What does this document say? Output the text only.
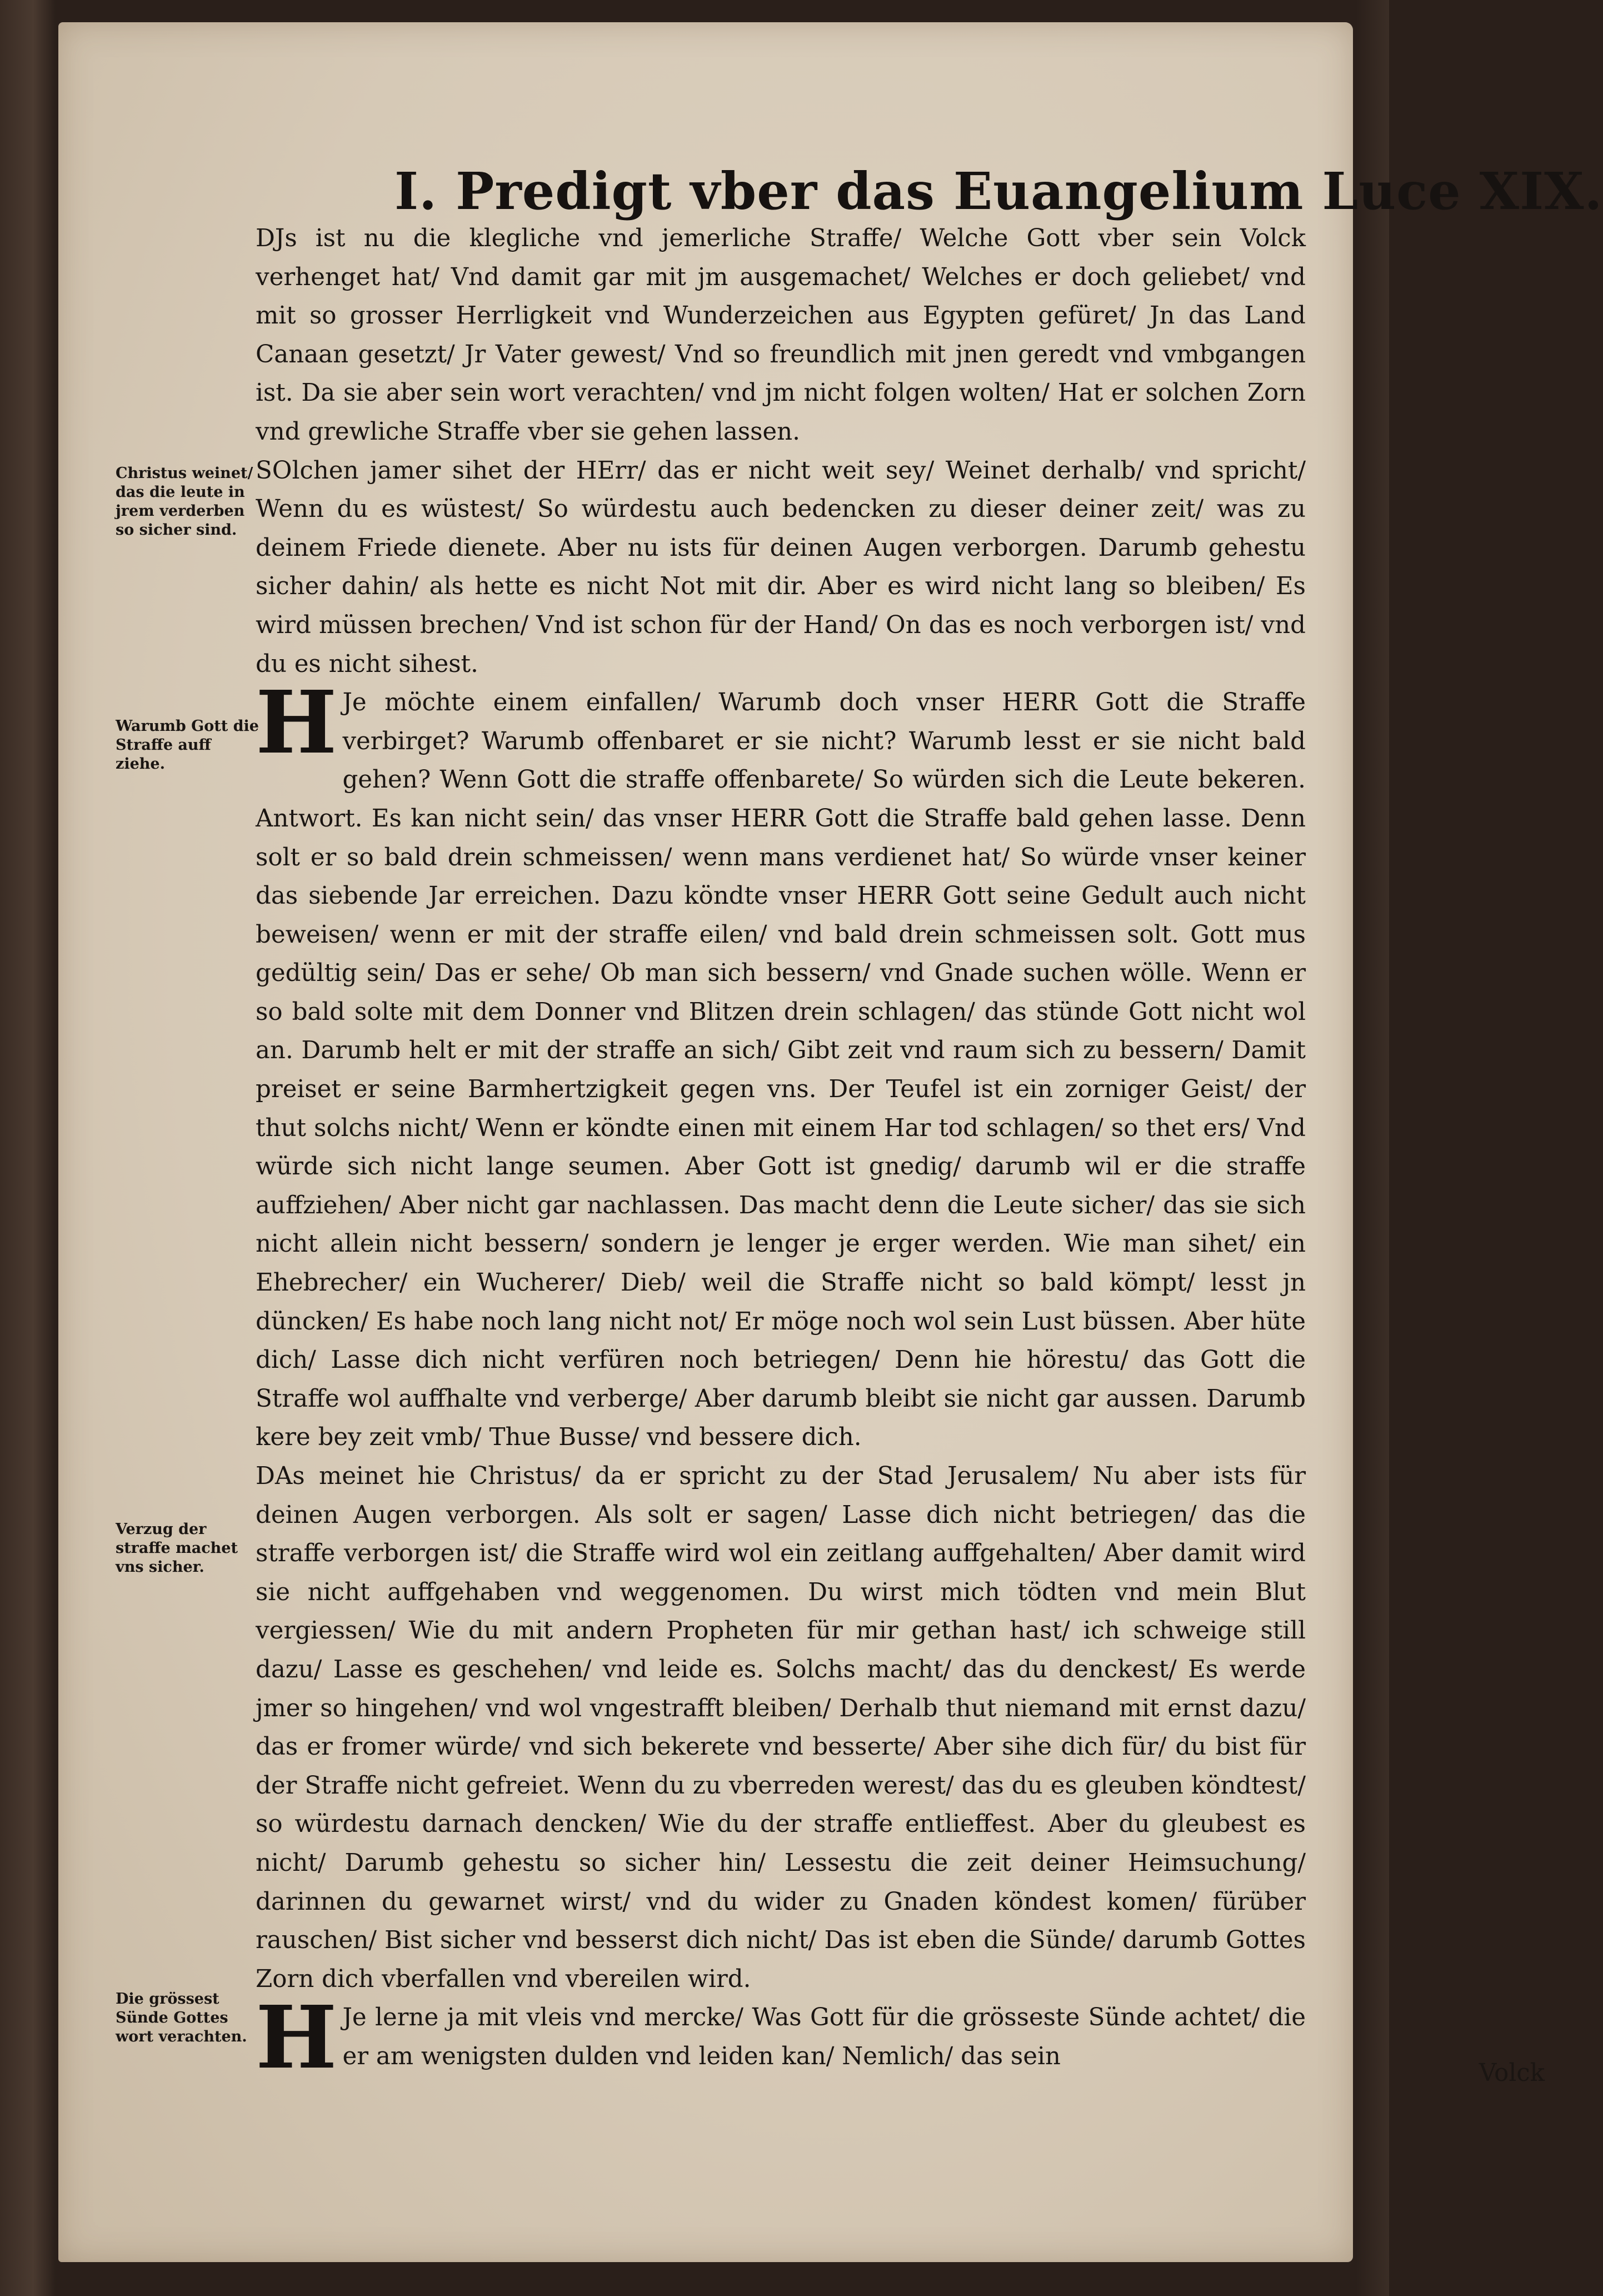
I. Predigt vber das Euangelium Luce XIX.

DJs ist nu die klegliche vnd jemerliche Straffe/ Welche Gott vber sein Volck verhenget hat/ Vnd damit gar mit jm ausgemachet/ Welches er doch geliebet/ vnd mit so grosser Herrligkeit vnd Wunderzeichen aus Egypten gefüret/ Jn das Land Canaan gesetzt/ Jr Vater gewest/ Vnd so freundlich mit jnen geredt vnd vmbgangen ist. Da sie aber sein wort verachten/ vnd jm nicht folgen wolten/ Hat er solchen Zorn vnd grewliche Straffe vber sie gehen lassen.

SOlchen jamer sihet der HErr/ das er nicht weit sey/ Weinet derhalb/ vnd spricht/ Wenn du es wüstest/ So würdestu auch bedencken zu dieser deiner zeit/ was zu deinem Friede dienete. Aber nu ists für deinen Augen verborgen. Darumb gehestu sicher dahin/ als hette es nicht Not mit dir. Aber es wird nicht lang so bleiben/ Es wird müssen brechen/ Vnd ist schon für der Hand/ On das es noch verborgen ist/ vnd du es nicht sihest.

HJe möchte einem einfallen/ Warumb doch vnser HERR Gott die Straffe verbirget? Warumb offenbaret er sie nicht? Warumb lesst er sie nicht bald gehen? Wenn Gott die straffe offenbarete/ So würden sich die Leute bekeren. Antwort. Es kan nicht sein/ das vnser HERR Gott die Straffe bald gehen lasse. Denn solt er so bald drein schmeissen/ wenn mans verdienet hat/ So würde vnser keiner das siebende Jar erreichen. Dazu köndte vnser HERR Gott seine Gedult auch nicht beweisen/ wenn er mit der straffe eilen/ vnd bald drein schmeissen solt. Gott mus gedültig sein/ Das er sehe/ Ob man sich bessern/ vnd Gnade suchen wölle. Wenn er so bald solte mit dem Donner vnd Blitzen drein schlagen/ das stünde Gott nicht wol an. Darumb helt er mit der straffe an sich/ Gibt zeit vnd raum sich zu bessern/ Damit preiset er seine Barmhertzigkeit gegen vns. Der Teufel ist ein zorniger Geist/ der thut solchs nicht/ Wenn er köndte einen mit einem Har tod schlagen/ so thet ers/ Vnd würde sich nicht lange seumen. Aber Gott ist gnedig/ darumb wil er die straffe auffziehen/ Aber nicht gar nachlassen. Das macht denn die Leute sicher/ das sie sich nicht allein nicht bessern/ sondern je lenger je erger werden. Wie man sihet/ ein Ehebrecher/ ein Wucherer/ Dieb/ weil die Straffe nicht so bald kömpt/ lesst jn düncken/ Es habe noch lang nicht not/ Er möge noch wol sein Lust büssen. Aber hüte dich/ Lasse dich nicht verfüren noch betriegen/ Denn hie hörestu/ das Gott die Straffe wol auffhalte vnd verberge/ Aber darumb bleibt sie nicht gar aussen. Darumb kere bey zeit vmb/ Thue Busse/ vnd bessere dich.

DAs meinet hie Christus/ da er spricht zu der Stad Jerusalem/ Nu aber ists für deinen Augen verborgen. Als solt er sagen/ Lasse dich nicht betriegen/ das die straffe verborgen ist/ die Straffe wird wol ein zeitlang auffgehalten/ Aber damit wird sie nicht auffgehaben vnd weggenomen. Du wirst mich tödten vnd mein Blut vergiessen/ Wie du mit andern Propheten für mir gethan hast/ ich schweige still dazu/ Lasse es geschehen/ vnd leide es. Solchs macht/ das du denckest/ Es werde jmer so hingehen/ vnd wol vngestrafft bleiben/ Derhalb thut niemand mit ernst dazu/ das er fromer würde/ vnd sich bekerete vnd besserte/ Aber sihe dich für/ du bist für der Straffe nicht gefreiet. Wenn du zu vberreden werest/ das du es gleuben köndtest/ so würdestu darnach dencken/ Wie du der straffe entlieffest. Aber du gleubest es nicht/ Darumb gehestu so sicher hin/ Lessestu die zeit deiner Heimsuchung/ darinnen du gewarnet wirst/ vnd du wider zu Gnaden köndest komen/ fürüber rauschen/ Bist sicher vnd besserst dich nicht/ Das ist eben die Sünde/ darumb Gottes Zorn dich vberfallen vnd vbereilen wird.

HJe lerne ja mit vleis vnd mercke/ Was Gott für die grösseste Sünde achtet/ die er am wenigsten dulden vnd leiden kan/ Nemlich/ das sein

Christus weinet/ das die leute in jrem verderben so sicher sind.
Warumb Gott die Straffe auff ziehe.
Verzug der straffe machet vns sicher.
Die grössest Sünde Gottes wort verachten.
Volck
